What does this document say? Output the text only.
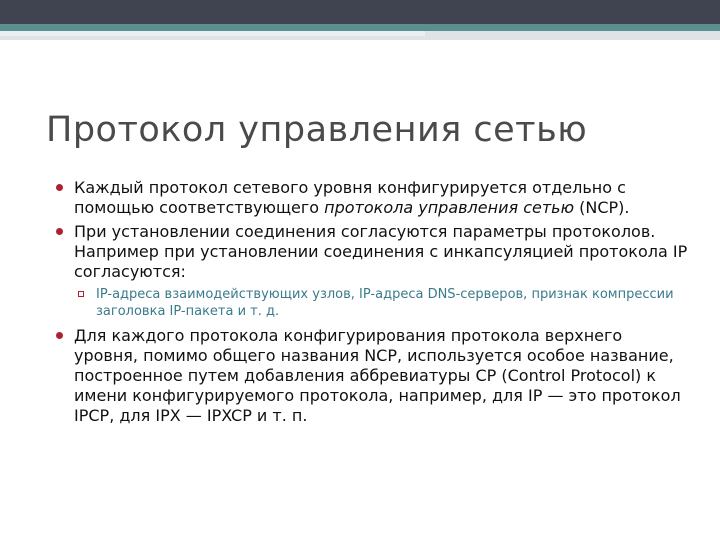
Протокол управления сетью
Каждый протокол сетевого уровня конфигурируется отдельно с помощью соответствующего протокола управления сетью (NCP).
При установлении соединения согласуются параметры протоколов. Например при установлении соединения с инкапсуляцией протокола IP согласуются:
IP-адреса взаимодействующих узлов, IP-адреса DNS-серверов, признак компрессии заголовка IP-пакета и т. д.
Для каждого протокола конфигурирования протокола верхнего уровня, помимо общего названия NCP, используется особое название, построенное путем добавления аббревиатуры CP (Control Protocol) к имени конфигурируемого протокола, например, для IP — это протокол IPCP, для IPX — IPXCP и т. п.
